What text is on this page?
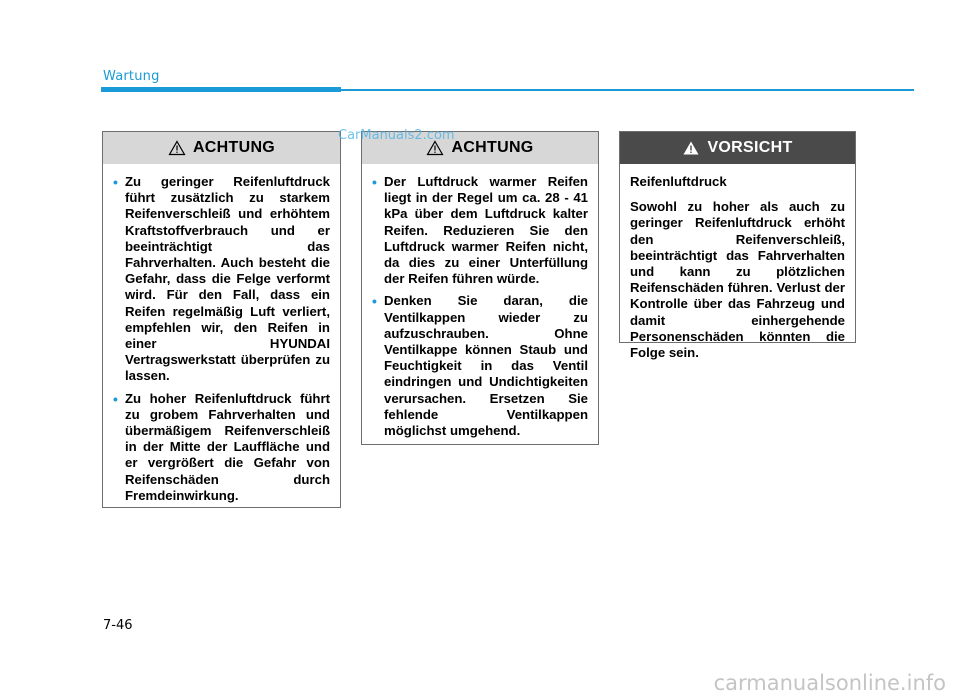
Wartung
ACHTUNG
• Zu geringer Reifenluftdruck führt zusätzlich zu starkem Reifenverschleiß und erhöhtem Kraftstoffverbrauch und er beeinträchtigt das Fahrverhalten. Auch besteht die Gefahr, dass die Felge verformt wird. Für den Fall, dass ein Reifen regelmäßig Luft verliert, empfehlen wir, den Reifen in einer HYUNDAI Vertragswerkstatt überprüfen zu lassen.
• Zu hoher Reifenluftdruck führt zu grobem Fahrverhalten und übermäßigem Reifenverschleiß in der Mitte der Lauffläche und er vergrößert die Gefahr von Reifenschäden durch Fremdeinwirkung.
ACHTUNG
• Der Luftdruck warmer Reifen liegt in der Regel um ca. 28 - 41 kPa über dem Luftdruck kalter Reifen. Reduzieren Sie den Luftdruck warmer Reifen nicht, da dies zu einer Unterfüllung der Reifen führen würde.
• Denken Sie daran, die Ventilkappen wieder zu aufzuschrauben. Ohne Ventilkappe können Staub und Feuchtigkeit in das Ventil eindringen und Undichtigkeiten verursachen. Ersetzen Sie fehlende Ventilkappen möglichst umgehend.
VORSICHT
Reifenluftdruck
Sowohl zu hoher als auch zu geringer Reifenluftdruck erhöht den Reifenverschleiß, beeinträchtigt das Fahrverhalten und kann zu plötzlichen Reifenschäden führen. Verlust der Kontrolle über das Fahrzeug und damit einhergehende Personenschäden könnten die Folge sein.
CarManuals2.com
7-46
carmanualsonline.info
